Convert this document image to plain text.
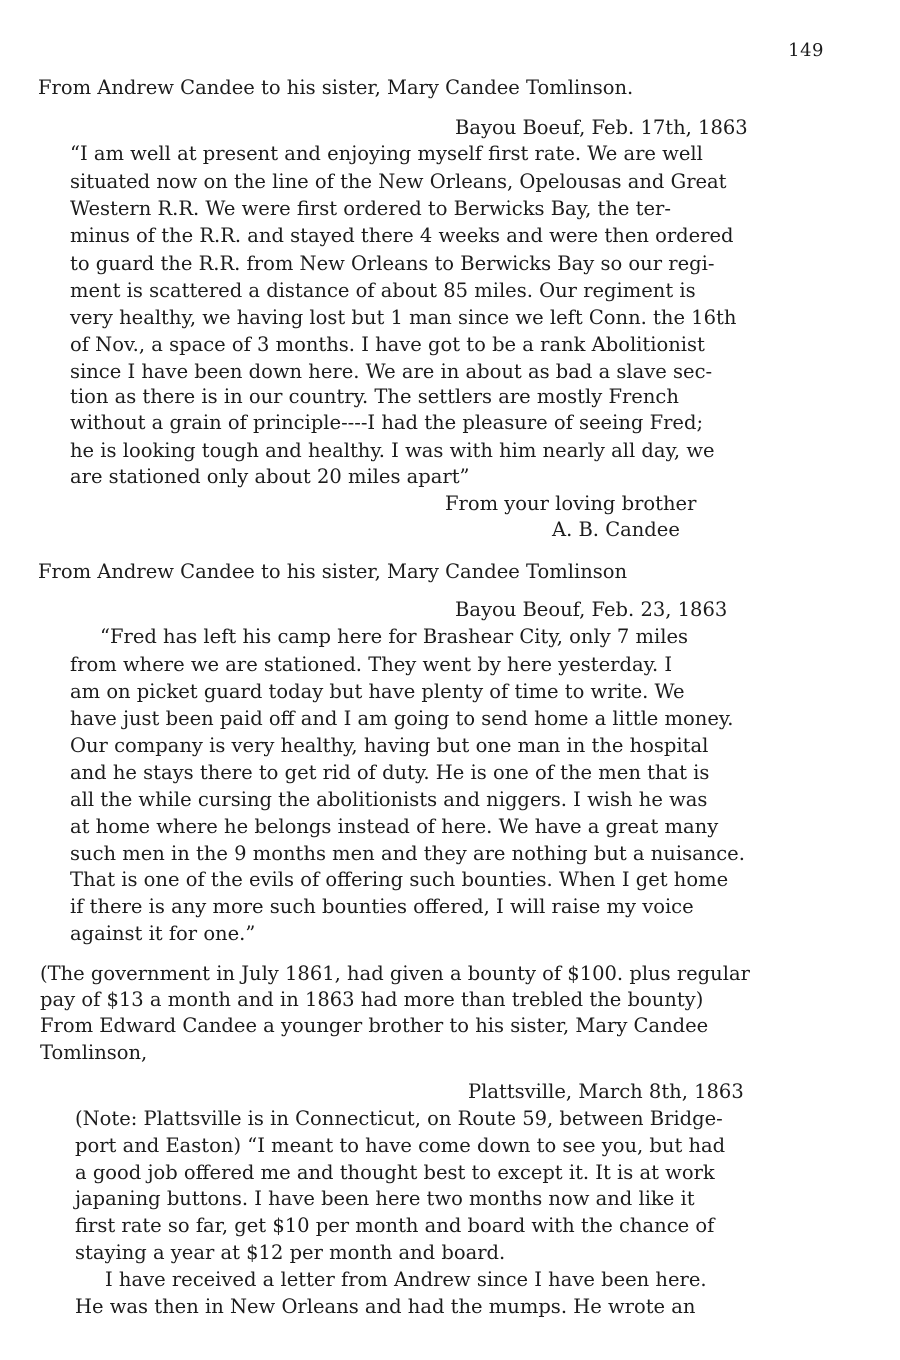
149
From Andrew Candee to his sister, Mary Candee Tomlinson.
Bayou Boeuf, Feb. 17th, 1863
“I am well at present and enjoying myself first rate. We are well
situated now on the line of the New Orleans, Opelousas and Great
Western R.R. We were first ordered to Berwicks Bay, the ter-
minus of the R.R. and stayed there 4 weeks and were then ordered
to guard the R.R. from New Orleans to Berwicks Bay so our regi-
ment is scattered a distance of about 85 miles. Our regiment is
very healthy, we having lost but 1 man since we left Conn. the 16th
of Nov., a space of 3 months. I have got to be a rank Abolitionist
since I have been down here. We are in about as bad a slave sec-
tion as there is in our country. The settlers are mostly French
without a grain of principle----I had the pleasure of seeing Fred;
he is looking tough and healthy. I was with him nearly all day, we
are stationed only about 20 miles apart”
From your loving brother
A. B. Candee
From Andrew Candee to his sister, Mary Candee Tomlinson
Bayou Beouf, Feb. 23, 1863
“Fred has left his camp here for Brashear City, only 7 miles
from where we are stationed. They went by here yesterday. I
am on picket guard today but have plenty of time to write. We
have just been paid off and I am going to send home a little money.
Our company is very healthy, having but one man in the hospital
and he stays there to get rid of duty. He is one of the men that is
all the while cursing the abolitionists and niggers. I wish he was
at home where he belongs instead of here. We have a great many
such men in the 9 months men and they are nothing but a nuisance.
That is one of the evils of offering such bounties. When I get home
if there is any more such bounties offered, I will raise my voice
against it for one.”
(The government in July 1861, had given a bounty of $100. plus regular
pay of $13 a month and in 1863 had more than trebled the bounty)
From Edward Candee a younger brother to his sister, Mary Candee
Tomlinson,
Plattsville, March 8th, 1863
(Note: Plattsville is in Connecticut, on Route 59, between Bridge-
port and Easton) “I meant to have come down to see you, but had
a good job offered me and thought best to except it. It is at work
japaning buttons. I have been here two months now and like it
first rate so far, get $10 per month and board with the chance of
staying a year at $12 per month and board.
I have received a letter from Andrew since I have been here.
He was then in New Orleans and had the mumps. He wrote an
